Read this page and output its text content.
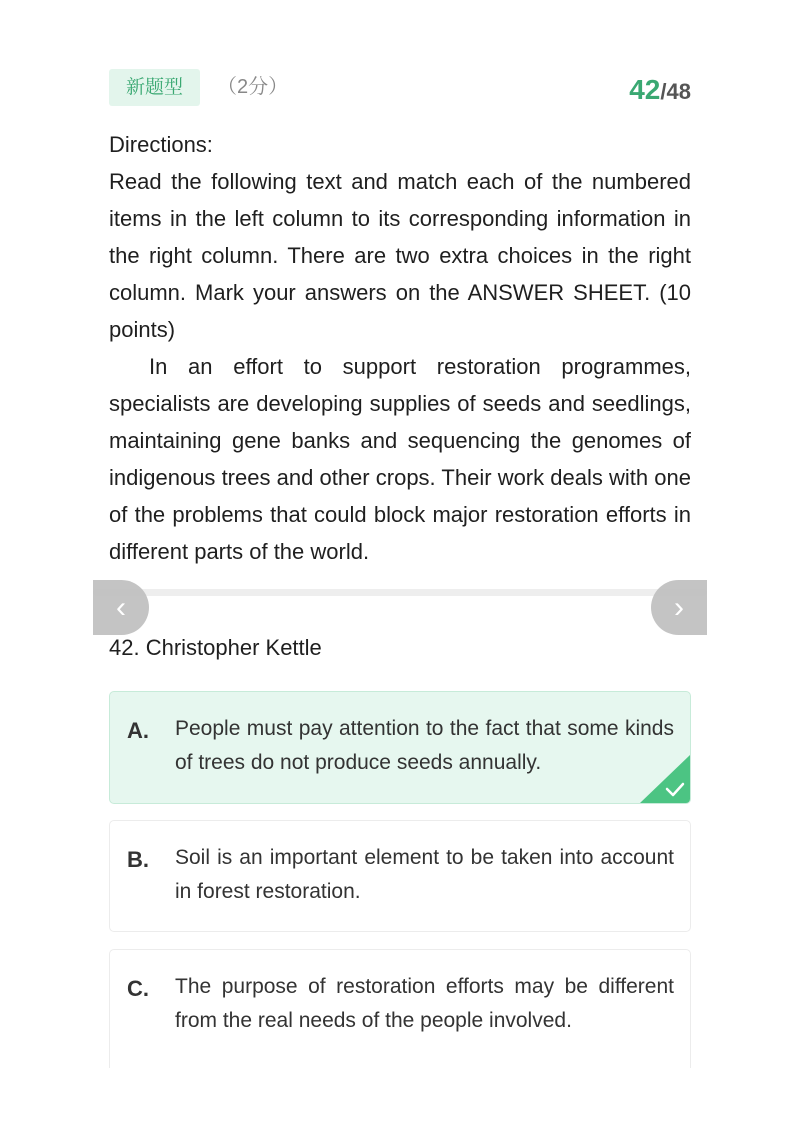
新题型	（2分）	42/48
Directions:

Read the following text and match each of the numbered items in the left column to its corresponding information in the right column. There are two extra choices in the right column. Mark your answers on the ANSWER SHEET. (10 points)

In an effort to support restoration programmes, specialists are developing supplies of seeds and seedlings, maintaining gene banks and sequencing the genomes of indigenous trees and other crops. Their work deals with one of the problems that could block major restoration efforts in different parts of the world.

‹	›
42. Christopher Kettle
A. People must pay attention to the fact that some kinds of trees do not produce seeds annually.
B. Soil is an important element to be taken into account in forest restoration.
C. The purpose of restoration efforts may be different from the real needs of the people involved.
